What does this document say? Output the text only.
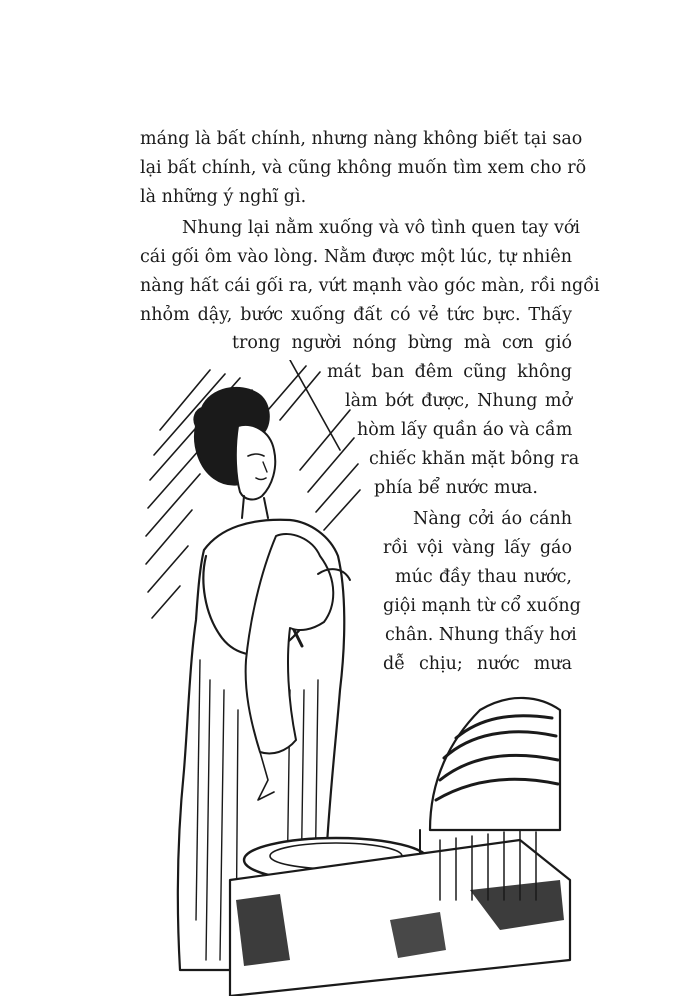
máng là bất chính, nhưng nàng không biết tại sao
lại bất chính, và cũng không muốn tìm xem cho rõ
là những ý nghĩ gì.
Nhung lại nằm xuống và vô tình quen tay với
cái gối ôm vào lòng. Nằm được một lúc, tự nhiên
nàng hất cái gối ra, vứt mạnh vào góc màn, rồi ngồi
nhỏm dậy, bước xuống đất có vẻ tức bực. Thấy
trong người nóng bừng mà cơn gió
mát ban đêm cũng không
làm bớt được, Nhung mở
hòm lấy quần áo và cầm
chiếc khăn mặt bông ra
phía bể nước mưa.
Nàng cởi áo cánh
rồi vội vàng lấy gáo
múc đầy thau nước,
giội mạnh từ cổ xuống
chân. Nhung thấy hơi
dễ chịu; nước mưa
